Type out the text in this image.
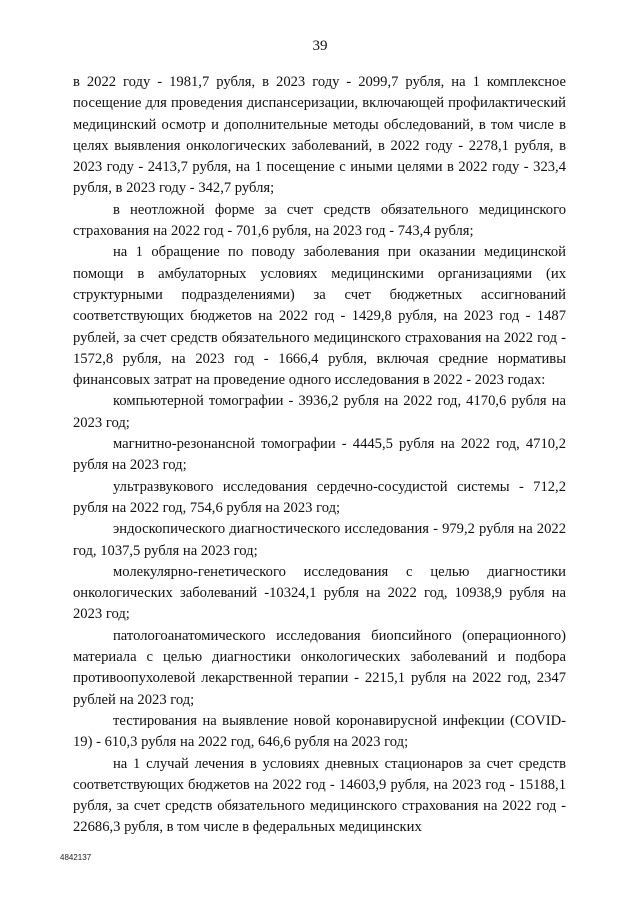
39

в 2022 году - 1981,7 рубля, в 2023 году - 2099,7 рубля, на 1 комплексное посещение для проведения диспансеризации, включающей профилактический медицинский осмотр и дополнительные методы обследований, в том числе в целях выявления онкологических заболеваний, в 2022 году - 2278,1 рубля, в 2023 году - 2413,7 рубля, на 1 посещение с иными целями в 2022 году - 323,4 рубля, в 2023 году - 342,7 рубля;

в неотложной форме за счет средств обязательного медицинского страхования на 2022 год - 701,6 рубля, на 2023 год - 743,4 рубля;

на 1 обращение по поводу заболевания при оказании медицинской помощи в амбулаторных условиях медицинскими организациями (их структурными подразделениями) за счет бюджетных ассигнований соответствующих бюджетов на 2022 год - 1429,8 рубля, на 2023 год - 1487 рублей, за счет средств обязательного медицинского страхования на 2022 год - 1572,8 рубля, на 2023 год - 1666,4 рубля, включая средние нормативы финансовых затрат на проведение одного исследования в 2022 - 2023 годах:

компьютерной томографии - 3936,2 рубля на 2022 год, 4170,6 рубля на 2023 год;

магнитно-резонансной томографии - 4445,5 рубля на 2022 год, 4710,2 рубля на 2023 год;

ультразвукового исследования сердечно-сосудистой системы - 712,2 рубля на 2022 год, 754,6 рубля на 2023 год;

эндоскопического диагностического исследования - 979,2 рубля на 2022 год, 1037,5 рубля на 2023 год;

молекулярно-генетического исследования с целью диагностики онкологических заболеваний -10324,1 рубля на 2022 год, 10938,9 рубля на 2023 год;

патологоанатомического исследования биопсийного (операционного) материала с целью диагностики онкологических заболеваний и подбора противоопухолевой лекарственной терапии - 2215,1 рубля на 2022 год, 2347 рублей на 2023 год;

тестирования на выявление новой коронавирусной инфекции (COVID-19) - 610,3 рубля на 2022 год, 646,6 рубля на 2023 год;

на 1 случай лечения в условиях дневных стационаров за счет средств соответствующих бюджетов на 2022 год - 14603,9 рубля, на 2023 год - 15188,1 рубля, за счет средств обязательного медицинского страхования на 2022 год - 22686,3 рубля, в том числе в федеральных медицинских

4842137
